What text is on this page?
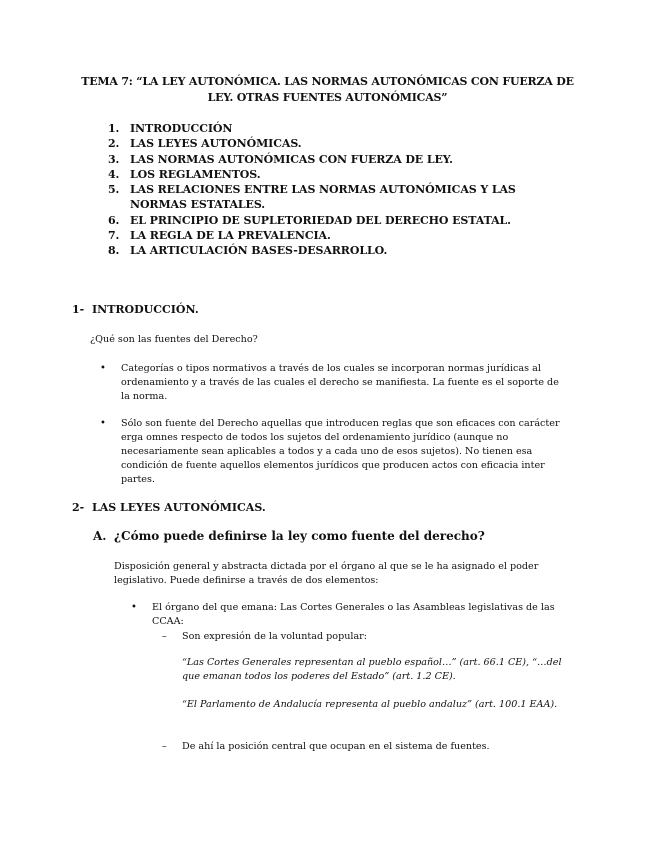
TEMA 7: “LA LEY AUTONÓMICA. LAS NORMAS AUTONÓMICAS CON FUERZA DE
LEY. OTRAS FUENTES AUTONÓMICAS”
1. INTRODUCCIÓN
2. LAS LEYES AUTONÓMICAS.
3. LAS NORMAS AUTONÓMICAS CON FUERZA DE LEY.
4. LOS REGLAMENTOS.
5. LAS RELACIONES ENTRE LAS NORMAS AUTONÓMICAS Y LAS NORMAS ESTATALES.
6. EL PRINCIPIO DE SUPLETORIEDAD DEL DERECHO ESTATAL.
7. LA REGLA DE LA PREVALENCIA.
8. LA ARTICULACIÓN BASES-DESARROLLO.
1- INTRODUCCIÓN.
¿Qué son las fuentes del Derecho?
• Categorías o tipos normativos a través de los cuales se incorporan normas jurídicas al ordenamiento y a través de las cuales el derecho se manifiesta. La fuente es el soporte de la norma.
• Sólo son fuente del Derecho aquellas que introducen reglas que son eficaces con carácter erga omnes respecto de todos los sujetos del ordenamiento jurídico (aunque no necesariamente sean aplicables a todos y a cada uno de esos sujetos). No tienen esa condición de fuente aquellos elementos jurídicos que producen actos con eficacia inter partes.
2- LAS LEYES AUTONÓMICAS.
A. ¿Cómo puede definirse la ley como fuente del derecho?
Disposición general y abstracta dictada por el órgano al que se le ha asignado el poder legislativo. Puede definirse a través de dos elementos:
• El órgano del que emana: Las Cortes Generales o las Asambleas legislativas de las CCAA:
– Son expresión de la voluntad popular:
“Las Cortes Generales representan al pueblo español…” (art. 66.1 CE), “…del que emanan todos los poderes del Estado” (art. 1.2 CE).
“El Parlamento de Andalucía representa al pueblo andaluz” (art. 100.1 EAA).
– De ahí la posición central que ocupan en el sistema de fuentes.
